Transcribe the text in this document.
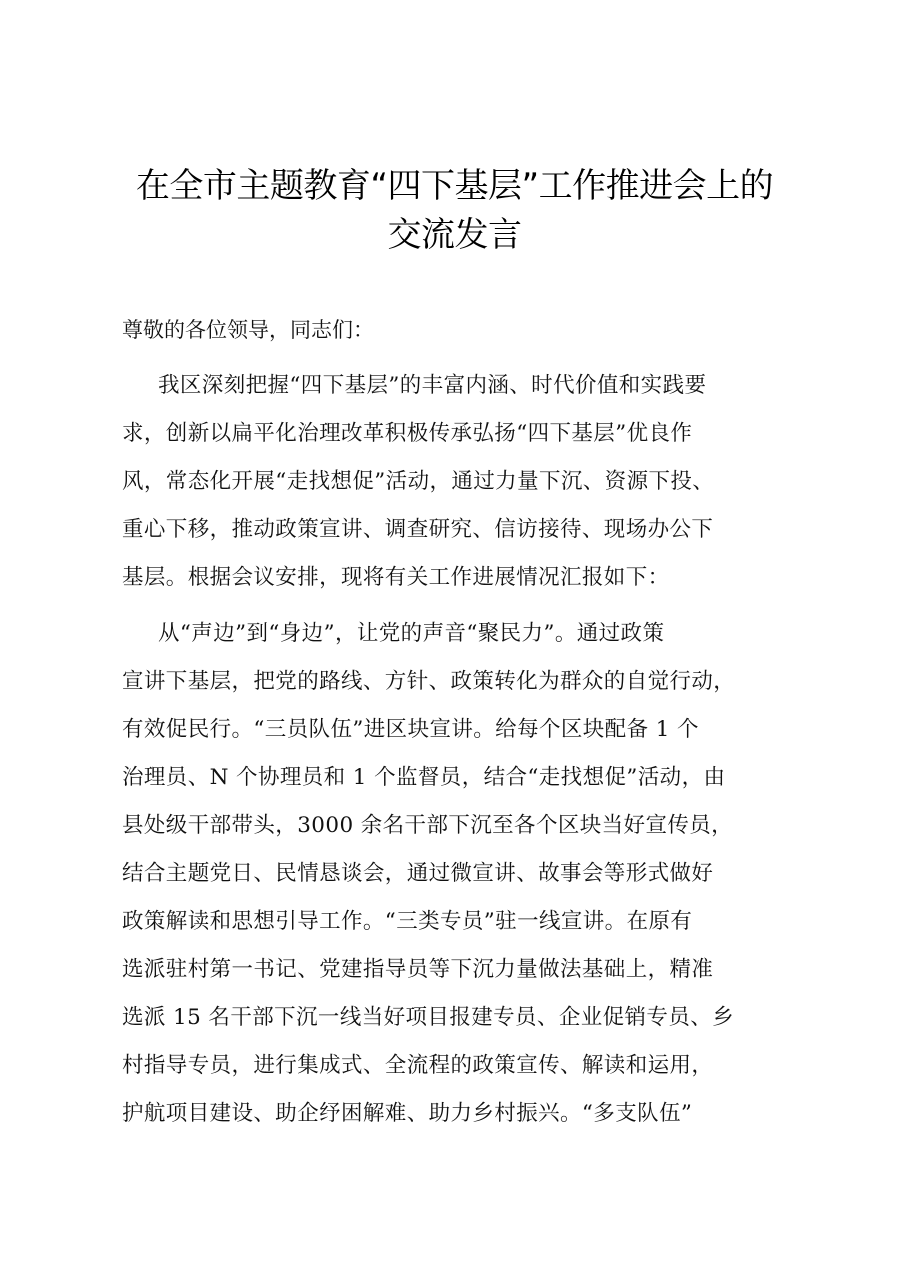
在全市主题教育“四下基层”工作推进会上的
交流发言
尊敬的各位领导，同志们：
我区深刻把握“四下基层”的丰富内涵、时代价值和实践要
求，创新以扁平化治理改革积极传承弘扬“四下基层”优良作
风，常态化开展“走找想促”活动，通过力量下沉、资源下投、
重心下移，推动政策宣讲、调查研究、信访接待、现场办公下
基层。根据会议安排，现将有关工作进展情况汇报如下：
从“声边”到“身边”，让党的声音“聚民力”。通过政策
宣讲下基层，把党的路线、方针、政策转化为群众的自觉行动，
有效促民行。“三员队伍”进区块宣讲。给每个区块配备 1 个
治理员、N 个协理员和 1 个监督员，结合“走找想促”活动，由
县处级干部带头，3000 余名干部下沉至各个区块当好宣传员，
结合主题党日、民情恳谈会，通过微宣讲、故事会等形式做好
政策解读和思想引导工作。“三类专员”驻一线宣讲。在原有
选派驻村第一书记、党建指导员等下沉力量做法基础上，精准
选派 15 名干部下沉一线当好项目报建专员、企业促销专员、乡
村指导专员，进行集成式、全流程的政策宣传、解读和运用，
护航项目建设、助企纾困解难、助力乡村振兴。“多支队伍”
